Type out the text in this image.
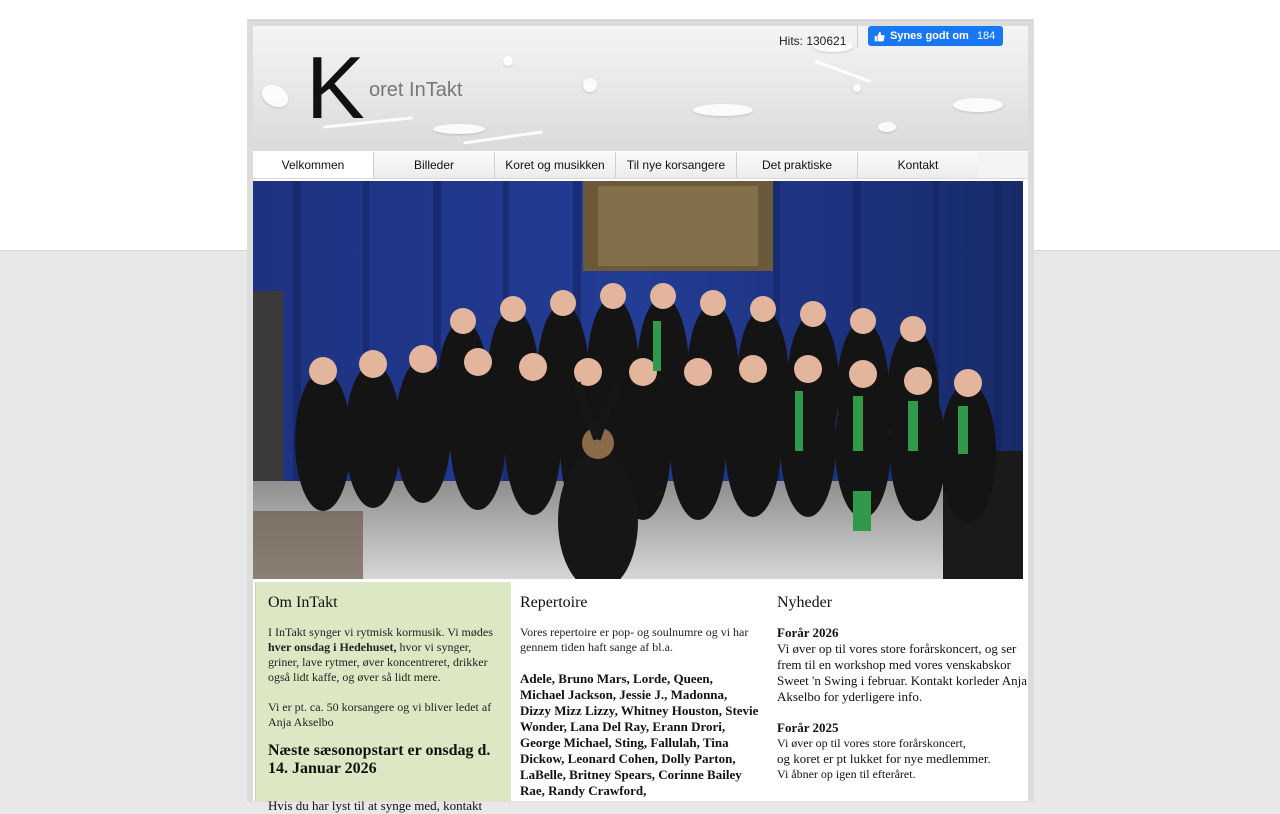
K oret InTakt
Hits: 130621	Synes godt om 184
Velkommen	Billeder	Koret og musikken	Til nye korsangere	Det praktiske	Kontakt
Om InTakt
I InTakt synger vi rytmisk kormusik. Vi mødes hver onsdag i Hedehuset, hvor vi synger, griner, lave rytmer, øver koncentreret, drikker også lidt kaffe, og øver så lidt mere.
Vi er pt. ca. 50 korsangere og vi bliver ledet af Anja Akselbo
Næste sæsonopstart er onsdag d. 14. Januar 2026
Hvis du har lyst til at synge med, kontakt
Repertoire
Vores repertoire er pop- og soulnumre og vi har gennem tiden haft sange af bl.a.
Adele, Bruno Mars, Lorde, Queen, Michael Jackson, Jessie J., Madonna, Dizzy Mizz Lizzy, Whitney Houston, Stevie Wonder, Lana Del Ray, Erann Drori, George Michael, Sting, Fallulah, Tina Dickow, Leonard Cohen, Dolly Parton, LaBelle, Britney Spears, Corinne Bailey Rae, Randy Crawford,
Nyheder
Forår 2026
Vi øver op til vores store forårskoncert, og ser frem til en workshop med vores venskabskor Sweet 'n Swing i februar. Kontakt korleder Anja Akselbo for yderligere info.
Forår 2025
Vi øver op til vores store forårskoncert,
og koret er pt lukket for nye medlemmer.
Vi åbner op igen til efteråret.
